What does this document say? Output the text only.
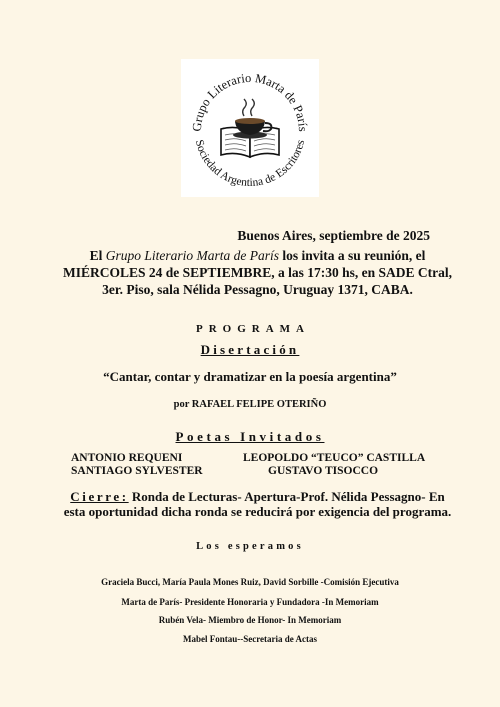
Grupo Literario Marta de París
Sociedad Argentina de Escritores
Buenos Aires, septiembre de 2025
El Grupo Literario Marta de París los invita a su reunión, el MIÉRCOLES 24 de SEPTIEMBRE, a las 17:30 hs, en SADE Ctral, 3er. Piso, sala Nélida Pessagno, Uruguay 1371, CABA.
PROGRAMA
Disertación
“Cantar, contar y dramatizar en la poesía argentina”
por RAFAEL FELIPE OTERIÑO
Poetas Invitados
ANTONIO REQUENI
SANTIAGO SYLVESTER
LEOPOLDO “TEUCO” CASTILLA
GUSTAVO TISOCCO
Cierre: Ronda de Lecturas- Apertura-Prof. Nélida Pessagno- En esta oportunidad dicha ronda se reducirá por exigencia del programa.
Los esperamos
Graciela Bucci, María Paula Mones Ruiz, David Sorbille -Comisión Ejecutiva
Marta de París- Presidente Honoraria y Fundadora -In Memoriam
Rubén Vela- Miembro de Honor- In Memoriam
Mabel Fontau--Secretaria de Actas
